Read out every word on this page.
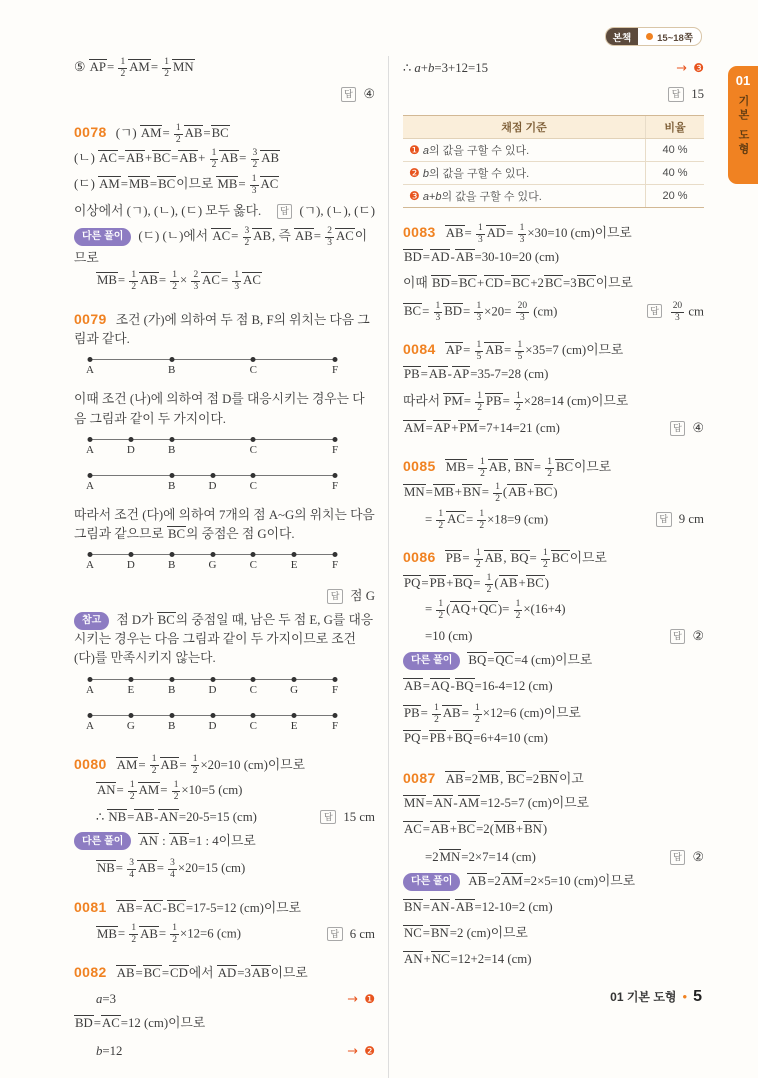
본책	15~18쪽
01
기본 도형
⑤ $AP= \frac{1}{2} AM= \frac{1}{2}$ MN
답 ④
0078 (ㄱ) $AM= \frac{1}{2} AB=BC$
(ㄴ) $AC=AB+BC=AB+ \frac{1}{2} AB= \frac{3}{2}$ AB
(ㄷ) AM=MB=BC이므로 $MB= \frac{1}{3}$ AC
이상에서 (ㄱ), (ㄴ), (ㄷ) 모두 옳다.	답 (ㄱ), (ㄴ), (ㄷ)
다른 풀이 (ㄷ) (ㄴ)에서 $AC= \frac{3}{2}$ AB, 즉 $AB= \frac{2}{3}$ AC이므로
$MB= \frac{1}{2} AB= \frac{1}{2} \times \frac{2}{3} AC= \frac{1}{3}$ AC
0079 조건 (가)에 의하여 두 점 B, F의 위치는 다음 그림과 같다.
A	B	C	F
이때 조건 (나)에 의하여 점 D를 대응시키는 경우는 다음 그림과 같이 두 가지이다.
A	D	B	C	F
A	B	D	C	F
따라서 조건 (다)에 의하여 7개의 점 A~G의 위치는 다음 그림과 같으므로 BC의 중점은 점 G이다.
A	D	B	G	C	E	F
답 점 G
참고 점 D가 BC의 중점일 때, 남은 두 점 E, G를 대응시키는 경우는 다음 그림과 같이 두 가지이므로 조건 (다)를 만족시키지 않는다.
A	E	B	D	C	G	F
A	G	B	D	C	E	F
0080 $AM= \frac{1}{2} AB= \frac{1}{2} \times 20=10$ (cm)이므로
$AN= \frac{1}{2} AM= \frac{1}{2} \times 10=5$ (cm)
∴ NB=AB-AN=20-5=15 (cm)	답 15 cm
다른 풀이 AN : AB=1 : 4이므로
$NB= \frac{3}{4} AB= \frac{3}{4} \times 20=15$ (cm)
0081 AB=AC-BC=17-5=12 (cm)이므로
$MB= \frac{1}{2} AB= \frac{1}{2} \times 12=6$ (cm)	답 6 cm
0082 AB=BC=CD에서 AD=3AB이므로
a=3	→ ❶
BD=AC=12 (cm)이므로
b=12	→ ❷
∴ a+b=3+12=15	→ ❸
답 15
채점 기준	비율
❶ a의 값을 구할 수 있다.	40 %
❷ b의 값을 구할 수 있다.	40 %
❸ a+b의 값을 구할 수 있다.	20 %
0083 $AB= \frac{1}{3} AD= \frac{1}{3} \times 30=10$ (cm)이므로
BD=AD-AB=30-10=20 (cm)
이때 BD=BC+CD=BC+2BC=3BC이므로
$BC= \frac{1}{3} BD= \frac{1}{3} \times 20= \frac{20}{3} (cm)$	답 $\frac{20}{3}$ cm
0084 $AP= \frac{1}{5} AB= \frac{1}{5} \times 35=7$ (cm)이므로
PB=AB-AP=35-7=28 (cm)
따라서 $PM= \frac{1}{2} PB= \frac{1}{2} \times 28=14$ (cm)이므로
AM=AP+PM=7+14=21 (cm)	답 ④
0085 $MB= \frac{1}{2}$ AB, $BN= \frac{1}{2}$ BC이므로
$MN=MB+BN= \frac{1}{2} (AB+BC)$
= $\frac{1}{2} AC= \frac{1}{2} \times 18=9$ (cm)	답 9 cm
0086 $PB= \frac{1}{2}$ AB, $BQ= \frac{1}{2}$ BC이므로
$PQ=PB+BQ= \frac{1}{2} (AB+BC)$
= $\frac{1}{2} (AQ+QC)= \frac{1}{2} \times(16+4)$
=10 (cm)	답 ②
다른 풀이 BQ=QC=4 (cm)이므로
AB=AQ-BQ=16-4=12 (cm)
$PB= \frac{1}{2} AB= \frac{1}{2} \times 12=6$ (cm)이므로
PQ=PB+BQ=6+4=10 (cm)
0087 AB=2MB, BC=2BN이고
MN=AN-AM=12-5=7 (cm)이므로
AC=AB+BC=2(MB+BN)
=2MN=2×7=14 (cm)	답 ②
다른 풀이 AB=2AM=2×5=10 (cm)이므로
BN=AN-AB=12-10=2 (cm)
NC=BN=2 (cm)이므로
AN+NC=12+2=14 (cm)
01 기본 도형 • 5
